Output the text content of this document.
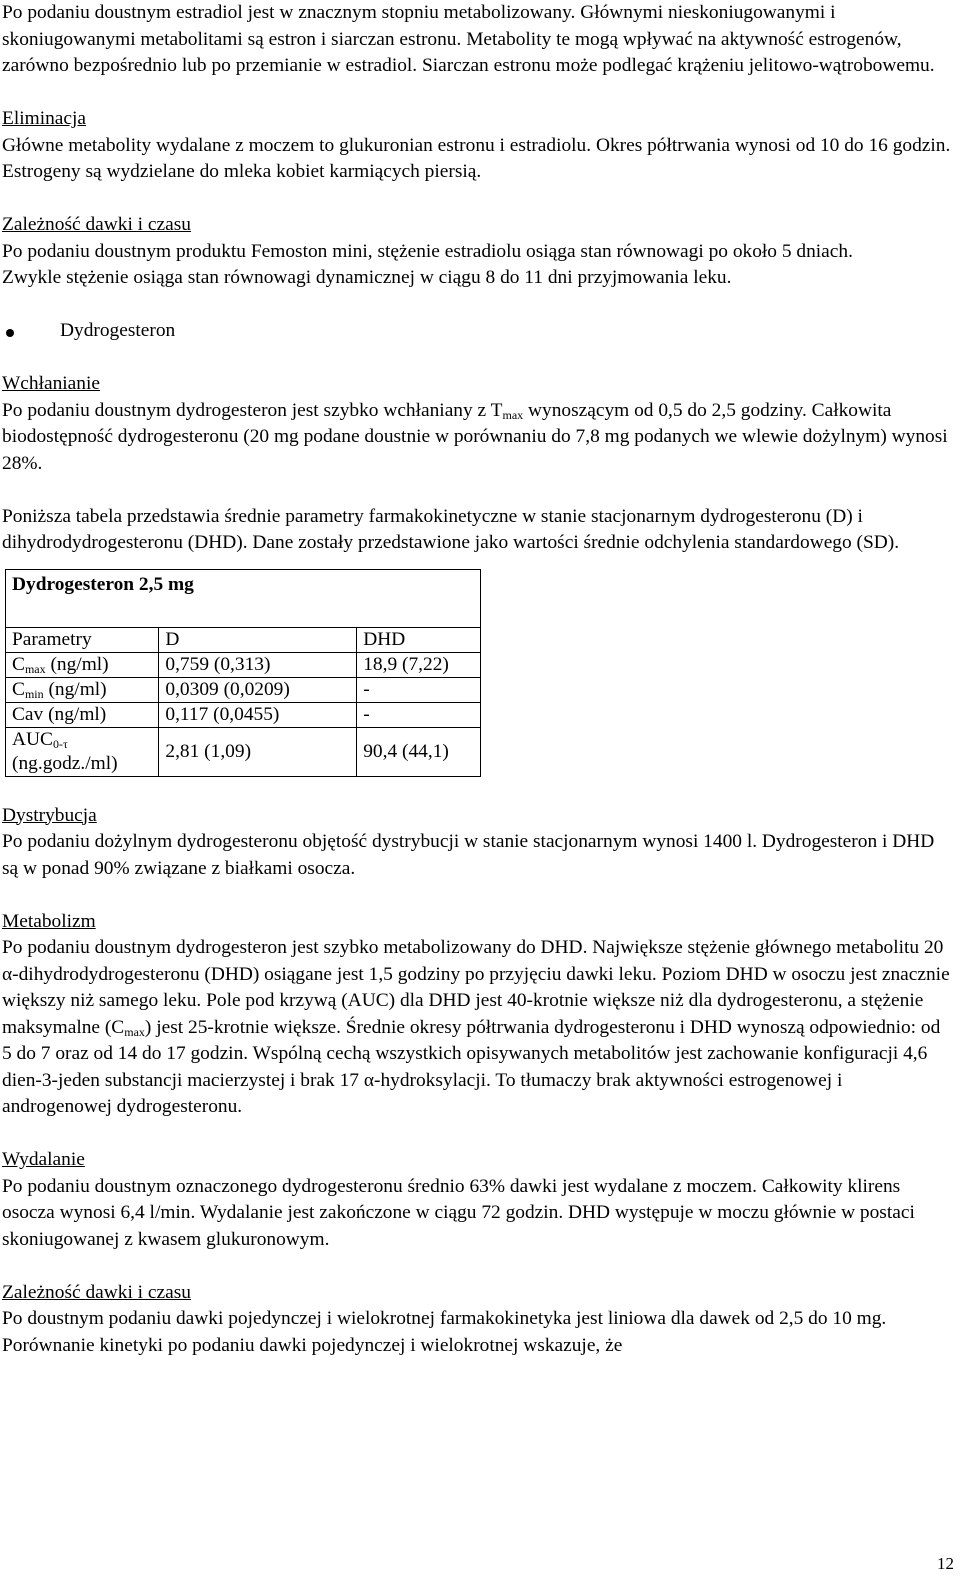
Po podaniu doustnym estradiol jest w znacznym stopniu metabolizowany. Głównymi nieskoniugowanymi i skoniugowanymi metabolitami są estron i siarczan estronu. Metabolity te mogą wpływać na aktywność estrogenów, zarówno bezpośrednio lub po przemianie w estradiol. Siarczan estronu może podlegać krążeniu jelitowo-wątrobowemu.

Eliminacja

Główne metabolity wydalane z moczem to glukuronian estronu i estradiolu. Okres półtrwania wynosi od 10 do 16 godzin.

Estrogeny są wydzielane do mleka kobiet karmiących piersią.

Zależność dawki i czasu

Po podaniu doustnym produktu Femoston mini, stężenie estradiolu osiąga stan równowagi po około 5 dniach.

Zwykle stężenie osiąga stan równowagi dynamicznej w ciągu 8 do 11 dni przyjmowania leku.

Dydrogesteron

Wchłanianie

Po podaniu doustnym dydrogesteron jest szybko wchłaniany z $T_{max}$ wynoszącym od 0,5 do 2,5 godziny. Całkowita biodostępność dydrogesteronu (20 mg podane doustnie w porównaniu do 7,8 mg podanych we wlewie dożylnym) wynosi 28%.

Poniższa tabela przedstawia średnie parametry farmakokinetyczne w stanie stacjonarnym dydrogesteronu (D) i dihydrodydrogesteronu (DHD). Dane zostały przedstawione jako wartości średnie odchylenia standardowego (SD).

Dydrogesteron 2,5 mg		
Parametry	D	DHD
$C_{max}$ (ng/ml)	0,759 (0,313)	18,9 (7,22)
$C_{min}$ (ng/ml)	0,0309 (0,0209)	-
Cav (ng/ml)	0,117 (0,0455)	-
$AUC_{0-\tau}$
(ng.godz./ml)	2,81 (1,09)	90,4 (44,1)

Dystrybucja

Po podaniu dożylnym dydrogesteronu objętość dystrybucji w stanie stacjonarnym wynosi 1400 l. Dydrogesteron i DHD są w ponad 90% związane z białkami osocza.

Metabolizm

Po podaniu doustnym dydrogesteron jest szybko metabolizowany do DHD. Największe stężenie głównego metabolitu 20 α-dihydrodydrogesteronu (DHD) osiągane jest 1,5 godziny po przyjęciu dawki leku. Poziom DHD w osoczu jest znacznie większy niż samego leku. Pole pod krzywą (AUC) dla DHD jest 40-krotnie większe niż dla dydrogesteronu, a stężenie maksymalne $(C_{max})$ jest 25-krotnie większe. Średnie okresy półtrwania dydrogesteronu i DHD wynoszą odpowiednio: od 5 do 7 oraz od 14 do 17 godzin. Wspólną cechą wszystkich opisywanych metabolitów jest zachowanie konfiguracji 4,6 dien-3-jeden substancji macierzystej i brak 17 α-hydroksylacji. To tłumaczy brak aktywności estrogenowej i androgenowej dydrogesteronu.

Wydalanie

Po podaniu doustnym oznaczonego dydrogesteronu średnio 63% dawki jest wydalane z moczem. Całkowity klirens osocza wynosi 6,4 l/min. Wydalanie jest zakończone w ciągu 72 godzin. DHD występuje w moczu głównie w postaci skoniugowanej z kwasem glukuronowym.

Zależność dawki i czasu

Po doustnym podaniu dawki pojedynczej i wielokrotnej farmakokinetyka jest liniowa dla dawek od 2,5 do 10 mg. Porównanie kinetyki po podaniu dawki pojedynczej i wielokrotnej wskazuje, że

12
